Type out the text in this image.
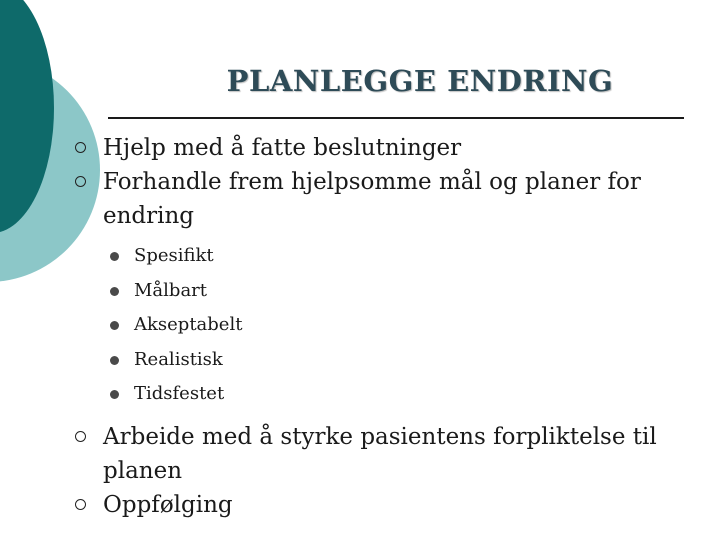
PLANLEGGE ENDRING
Hjelp med å fatte beslutninger
Forhandle frem hjelpsomme mål og planer for endring
Spesifikt
Målbart
Akseptabelt
Realistisk
Tidsfestet
Arbeide med å styrke pasientens forpliktelse til planen
Oppfølging
